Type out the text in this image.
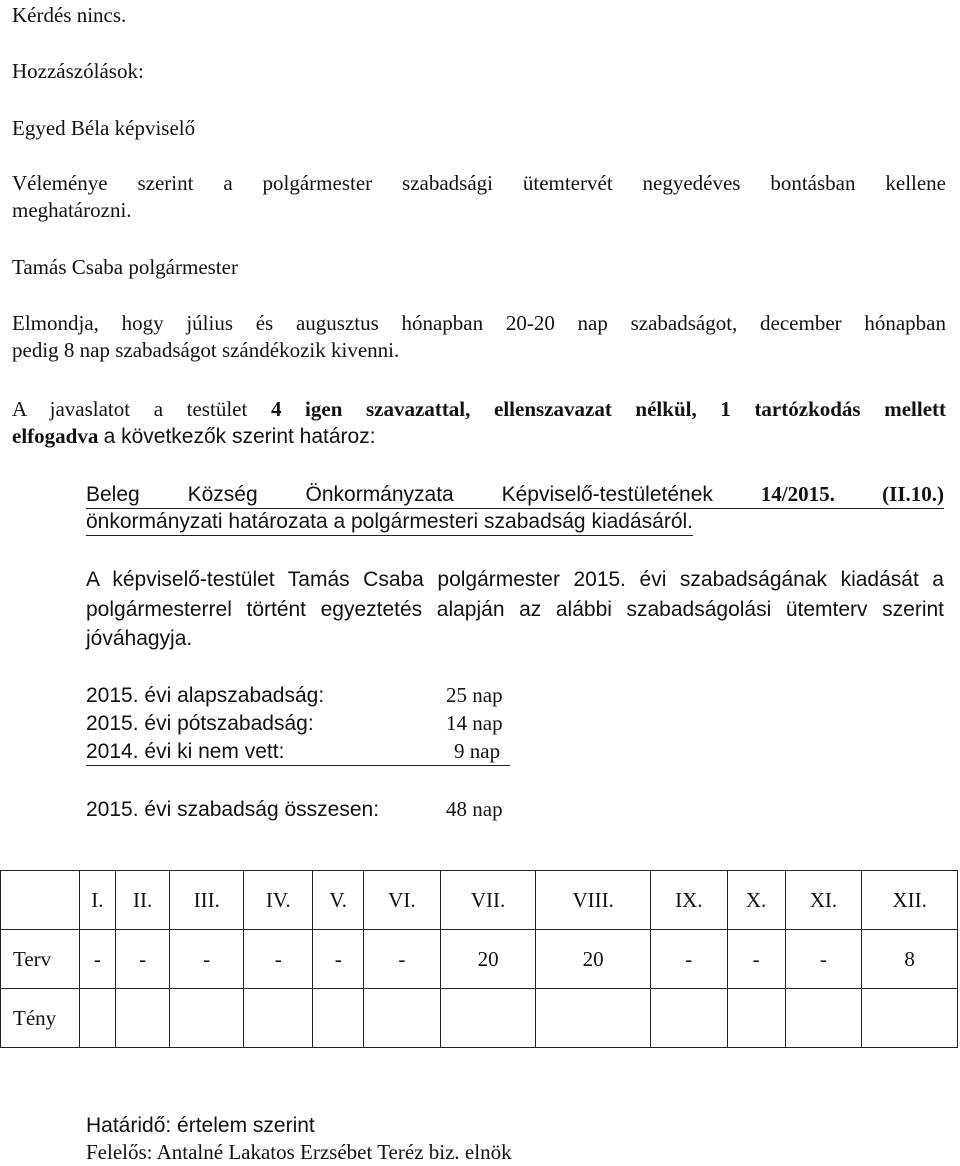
Kérdés nincs.

Hozzászólások:

Egyed Béla képviselő

Véleménye szerint a polgármester szabadsági ütemtervét negyedéves bontásban kellene

meghatározni.

Tamás Csaba polgármester

Elmondja, hogy július és augusztus hónapban 20-20 nap szabadságot, december hónapban

pedig 8 nap szabadságot szándékozik kivenni.

A javaslatot a testület 4 igen szavazattal, ellenszavazat nélkül, 1 tartózkodás mellett

elfogadva a következők szerint határoz:

Beleg Község Önkormányzata Képviselő-testületének 14/2015. (II.10.)

önkormányzati határozata a polgármesteri szabadság kiadásáról.

A képviselő-testület Tamás Csaba polgármester 2015. évi szabadságának kiadását a

polgármesterrel történt egyeztetés alapján az alábbi szabadságolási ütemterv szerint

jóváhagyja.

2015. évi alapszabadság:	25 nap
2015. évi pótszabadság:	14 nap
2014. évi ki nem vett:	9 nap
2015. évi szabadság összesen:	48 nap
	I.	II.	III.	IV.	V.	VI.	VII.	VIII.	IX.	X.	XI.	XII.
Terv	-	-	-	-	-	-	20	20	-	-	-	8
Tény												

Határidő: értelem szerint

Felelős: Antalné Lakatos Erzsébet Teréz biz. elnök
